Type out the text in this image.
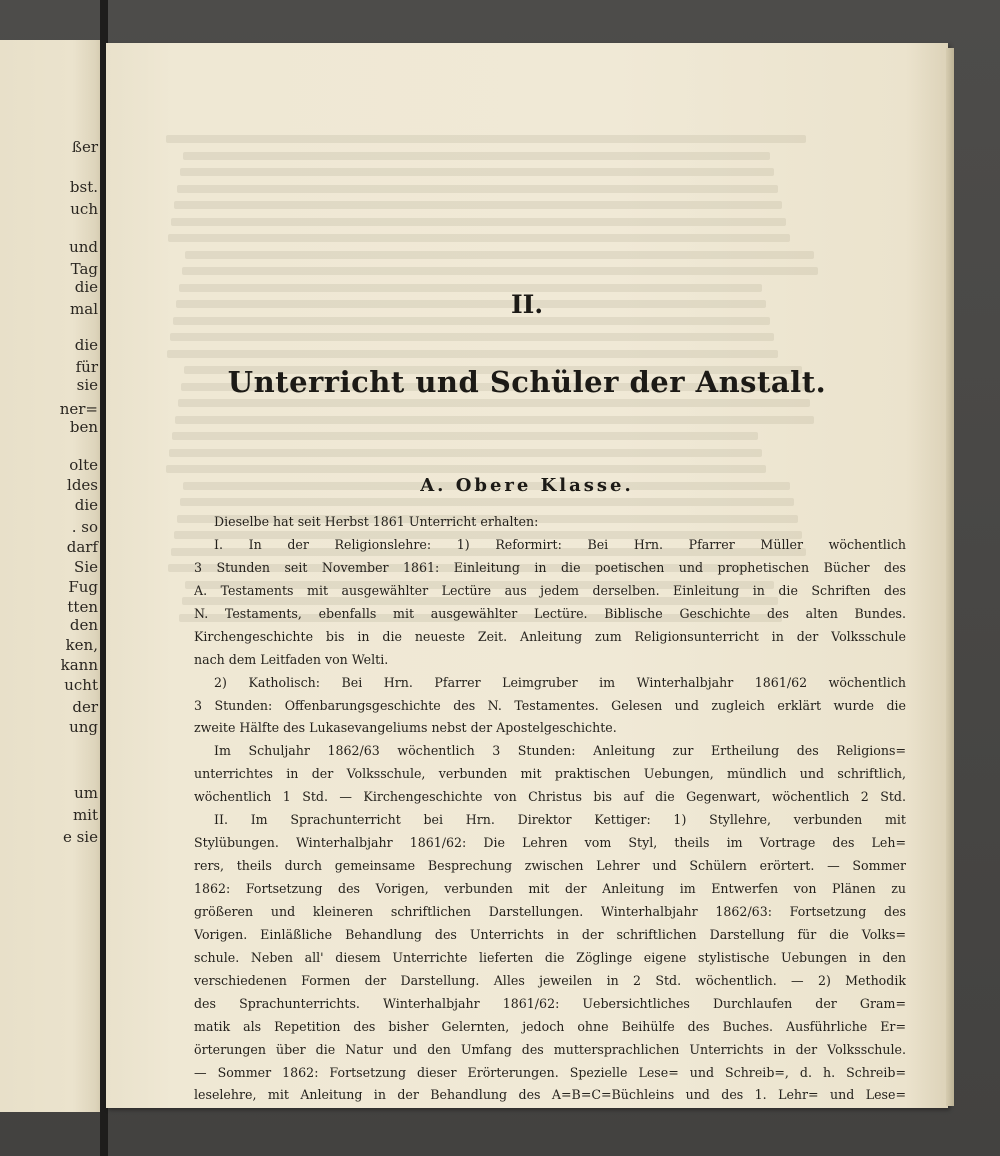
ßer
bst.
uch
und
Tag
die
mal
die
für
sie
ner=
ben
olte
ldes
die
. so
darf
Sie
Fug
tten
den
ken,
kann
ucht
der
ung
um
mit
e sie
II.
Unterricht und Schüler der Anstalt.
A. Obere Klasse.
Dieselbe hat seit Herbst 1861 Unterricht erhalten:
I. In der Religionslehre: 1) Reformirt: Bei Hrn. Pfarrer Müller wöchentlich
3 Stunden seit November 1861: Einleitung in die poetischen und prophetischen Bücher des
A. Testaments mit ausgewählter Lectüre aus jedem derselben. Einleitung in die Schriften des
N. Testaments, ebenfalls mit ausgewählter Lectüre. Biblische Geschichte des alten Bundes.
Kirchengeschichte bis in die neueste Zeit. Anleitung zum Religionsunterricht in der Volksschule
nach dem Leitfaden von Welti.
2) Katholisch: Bei Hrn. Pfarrer Leimgruber im Winterhalbjahr 1861/62 wöchentlich
3 Stunden: Offenbarungsgeschichte des N. Testamentes. Gelesen und zugleich erklärt wurde die
zweite Hälfte des Lukasevangeliums nebst der Apostelgeschichte.
Im Schuljahr 1862/63 wöchentlich 3 Stunden: Anleitung zur Ertheilung des Religions=
unterrichtes in der Volksschule, verbunden mit praktischen Uebungen, mündlich und schriftlich,
wöchentlich 1 Std. — Kirchengeschichte von Christus bis auf die Gegenwart, wöchentlich 2 Std.
II. Im Sprachunterricht bei Hrn. Direktor Kettiger: 1) Styllehre, verbunden mit
Stylübungen. Winterhalbjahr 1861/62: Die Lehren vom Styl, theils im Vortrage des Leh=
rers, theils durch gemeinsame Besprechung zwischen Lehrer und Schülern erörtert. — Sommer
1862: Fortsetzung des Vorigen, verbunden mit der Anleitung im Entwerfen von Plänen zu
größeren und kleineren schriftlichen Darstellungen. Winterhalbjahr 1862/63: Fortsetzung des
Vorigen. Einläßliche Behandlung des Unterrichts in der schriftlichen Darstellung für die Volks=
schule. Neben all' diesem Unterrichte lieferten die Zöglinge eigene stylistische Uebungen in den
verschiedenen Formen der Darstellung. Alles jeweilen in 2 Std. wöchentlich. — 2) Methodik
des Sprachunterrichts. Winterhalbjahr 1861/62: Uebersichtliches Durchlaufen der Gram=
matik als Repetition des bisher Gelernten, jedoch ohne Beihülfe des Buches. Ausführliche Er=
örterungen über die Natur und den Umfang des muttersprachlichen Unterrichts in der Volksschule.
— Sommer 1862: Fortsetzung dieser Erörterungen. Spezielle Lese= und Schreib=, d. h. Schreib=
leselehre, mit Anleitung in der Behandlung des A=B=C=Büchleins und des 1. Lehr= und Lese=
